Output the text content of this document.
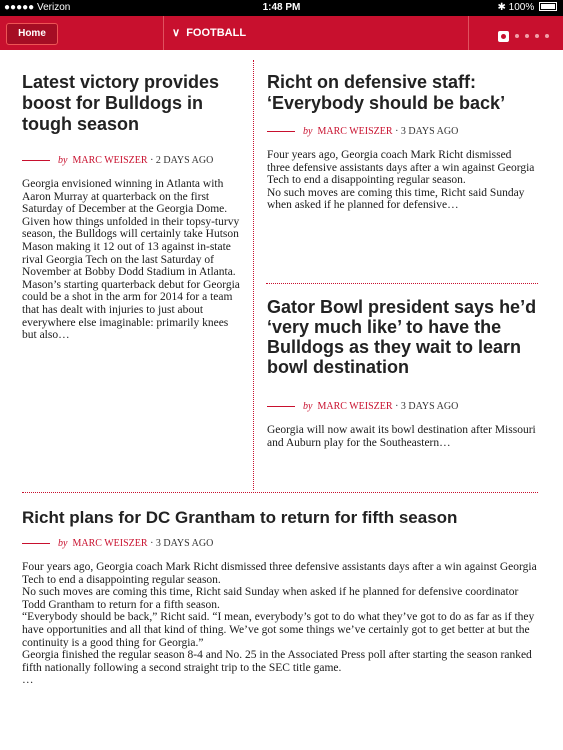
●●●●● Verizon	1:48 PM	✱ 100%
Home	∨ FOOTBALL
Latest victory provides boost for Bulldogs in tough season
by MARC WEISZER · 2 DAYS AGO

Georgia envisioned winning in Atlanta with Aaron Murray at quarterback on the first Saturday of December at the Georgia Dome.

Given how things unfolded in their topsy-turvy season, the Bulldogs will certainly take Hutson Mason making it 12 out of 13 against in-state rival Georgia Tech on the last Saturday of November at Bobby Dodd Stadium in Atlanta.

Mason’s starting quarterback debut for Georgia could be a shot in the arm for 2014 for a team that has dealt with injuries to just about everywhere else imaginable: primarily knees but also…

Richt on defensive staff: ‘Everybody should be back’
by MARC WEISZER · 3 DAYS AGO

Four years ago, Georgia coach Mark Richt dismissed three defensive assistants days after a win against Georgia Tech to end a disappointing regular season.

No such moves are coming this time, Richt said Sunday when asked if he planned for defensive…

Gator Bowl president says he’d ‘very much like’ to have the Bulldogs as they wait to learn bowl destination
by MARC WEISZER · 3 DAYS AGO

Georgia will now await its bowl destination after Missouri and Auburn play for the Southeastern…

Richt plans for DC Grantham to return for fifth season
by MARC WEISZER · 3 DAYS AGO

Four years ago, Georgia coach Mark Richt dismissed three defensive assistants days after a win against Georgia Tech to end a disappointing regular season.

No such moves are coming this time, Richt said Sunday when asked if he planned for defensive coordinator Todd Grantham to return for a fifth season.

“Everybody should be back,” Richt said. “I mean, everybody’s got to do what they’ve got to do as far as if they have opportunities and all that kind of thing. We’ve got some things we’ve certainly got to get better at but the continuity is a good thing for Georgia.”

Georgia finished the regular season 8-4 and No. 25 in the Associated Press poll after starting the season ranked fifth nationally following a second straight trip to the SEC title game.

…
